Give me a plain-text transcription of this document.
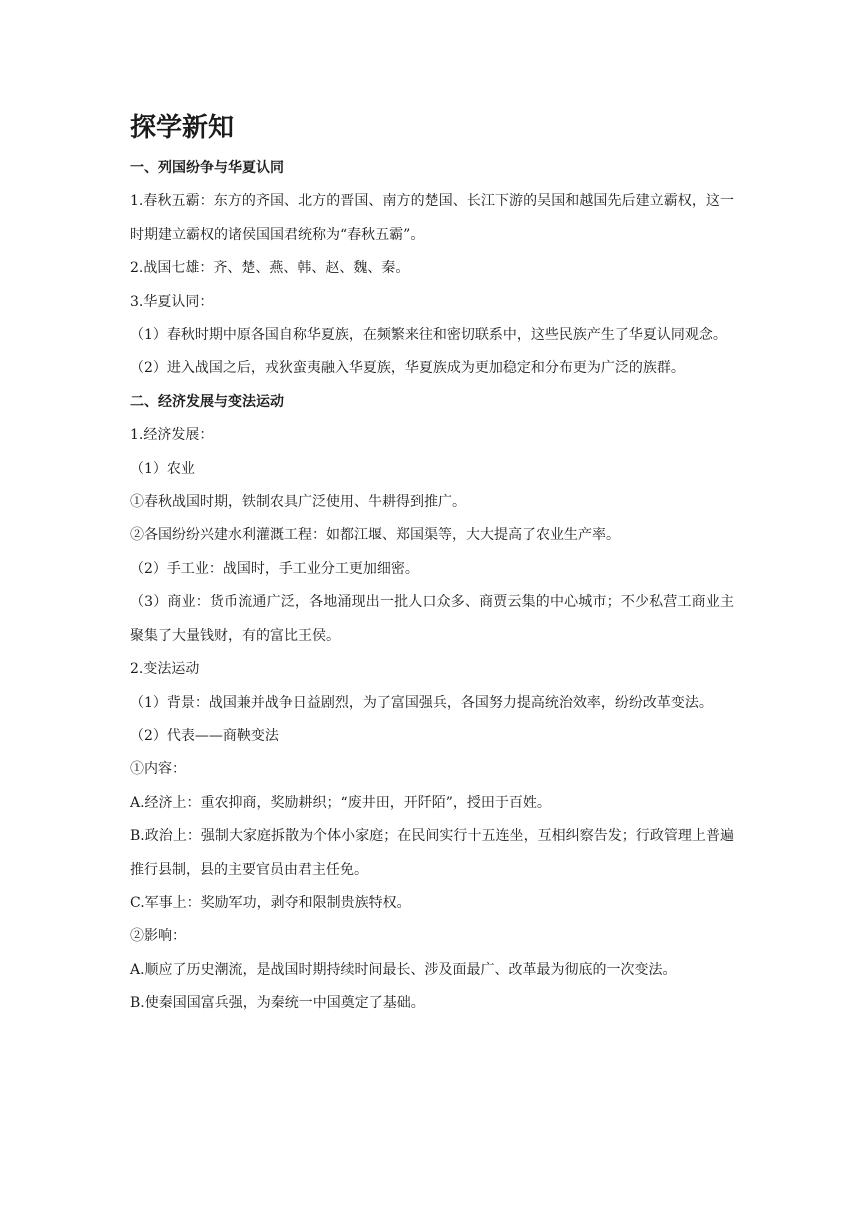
探学新知

一、列国纷争与华夏认同

1.春秋五霸：东方的齐国、北方的晋国、南方的楚国、长江下游的吴国和越国先后建立霸权，这一时期建立霸权的诸侯国国君统称为“春秋五霸”。

2.战国七雄：齐、楚、燕、韩、赵、魏、秦。

3.华夏认同：

（1）春秋时期中原各国自称华夏族，在频繁来往和密切联系中，这些民族产生了华夏认同观念。

（2）进入战国之后，戎狄蛮夷融入华夏族，华夏族成为更加稳定和分布更为广泛的族群。

二、经济发展与变法运动

1.经济发展：

（1）农业

①春秋战国时期，铁制农具广泛使用、牛耕得到推广。

②各国纷纷兴建水利灌溉工程：如都江堰、郑国渠等，大大提高了农业生产率。

（2）手工业：战国时，手工业分工更加细密。

（3）商业：货币流通广泛，各地涌现出一批人口众多、商贾云集的中心城市；不少私营工商业主聚集了大量钱财，有的富比王侯。

2.变法运动

（1）背景：战国兼并战争日益剧烈，为了富国强兵，各国努力提高统治效率，纷纷改革变法。

（2）代表——商鞅变法

①内容：

A.经济上：重农抑商，奖励耕织；“废井田，开阡陌”，授田于百姓。

B.政治上：强制大家庭拆散为个体小家庭；在民间实行十五连坐，互相纠察告发；行政管理上普遍推行县制，县的主要官员由君主任免。

C.军事上：奖励军功，剥夺和限制贵族特权。

②影响：

A.顺应了历史潮流，是战国时期持续时间最长、涉及面最广、改革最为彻底的一次变法。

B.使秦国国富兵强，为秦统一中国奠定了基础。
